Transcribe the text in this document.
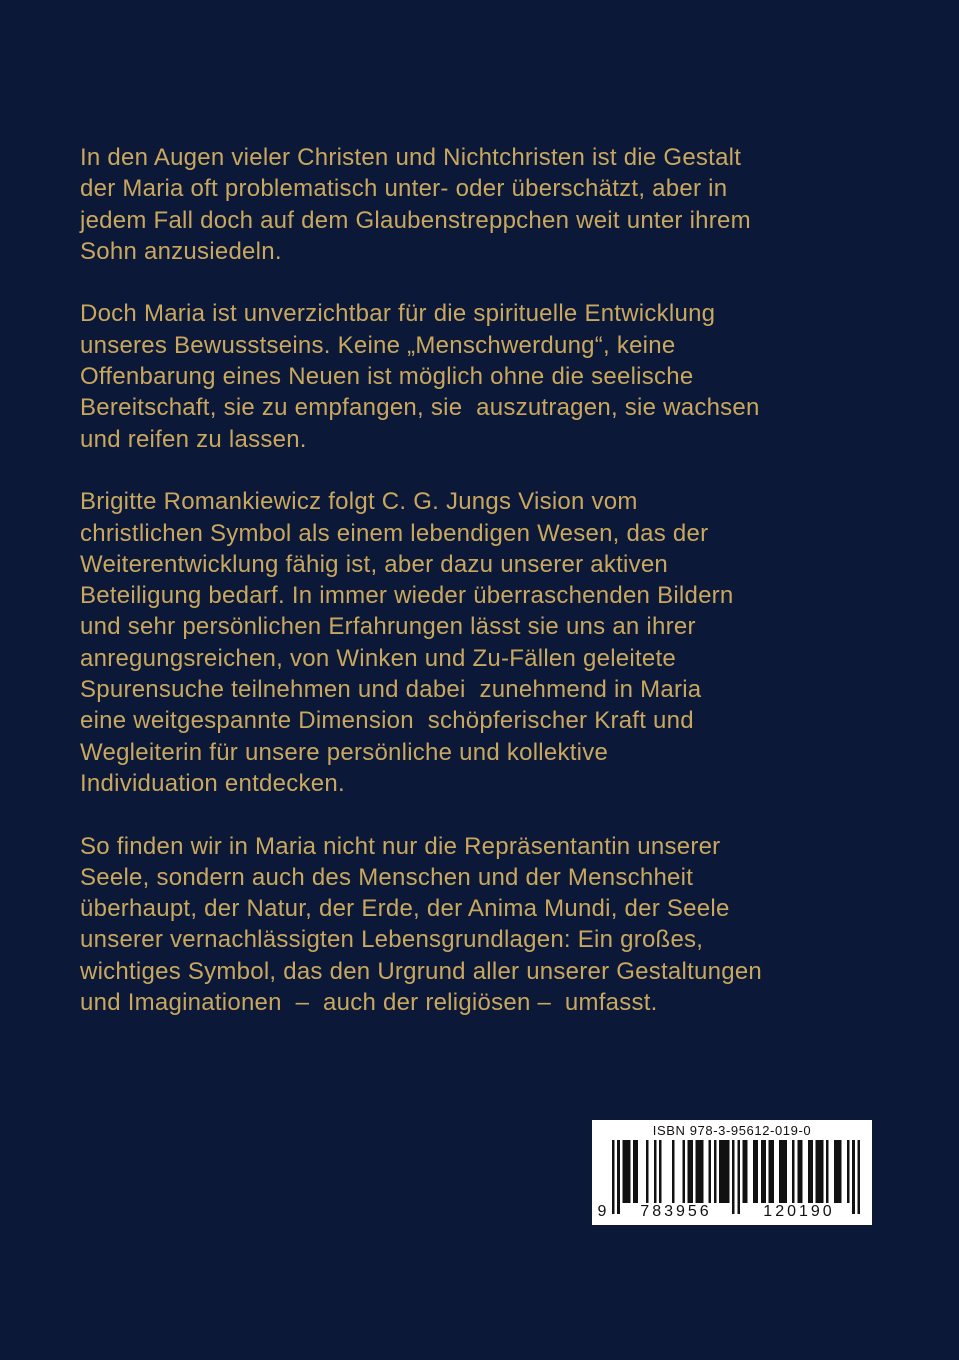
In den Augen vieler Christen und Nichtchristen ist die Gestalt
der Maria oft problematisch unter- oder überschätzt, aber in
jedem Fall doch auf dem Glaubenstreppchen weit unter ihrem
Sohn anzusiedeln.

Doch Maria ist unverzichtbar für die spirituelle Entwicklung
unseres Bewusstseins. Keine „Menschwerdung“, keine
Offenbarung eines Neuen ist möglich ohne die seelische
Bereitschaft, sie zu empfangen, sie  auszutragen, sie wachsen
und reifen zu lassen.

Brigitte Romankiewicz folgt C. G. Jungs Vision vom
christlichen Symbol als einem lebendigen Wesen, das der
Weiterentwicklung fähig ist, aber dazu unserer aktiven
Beteiligung bedarf. In immer wieder überraschenden Bildern
und sehr persönlichen Erfahrungen lässt sie uns an ihrer
anregungsreichen, von Winken und Zu-Fällen geleitete
Spurensuche teilnehmen und dabei  zunehmend in Maria
eine weitgespannte Dimension  schöpferischer Kraft und
Wegleiterin für unsere persönliche und kollektive
Individuation entdecken.

So finden wir in Maria nicht nur die Repräsentantin unserer
Seele, sondern auch des Menschen und der Menschheit
überhaupt, der Natur, der Erde, der Anima Mundi, der Seele
unserer vernachlässigten Lebensgrundlagen: Ein großes,
wichtiges Symbol, das den Urgrund aller unserer Gestaltungen
und Imaginationen  –  auch der religiösen –  umfasst.

ISBN 978-3-95612-019-0
9	783956	120190
